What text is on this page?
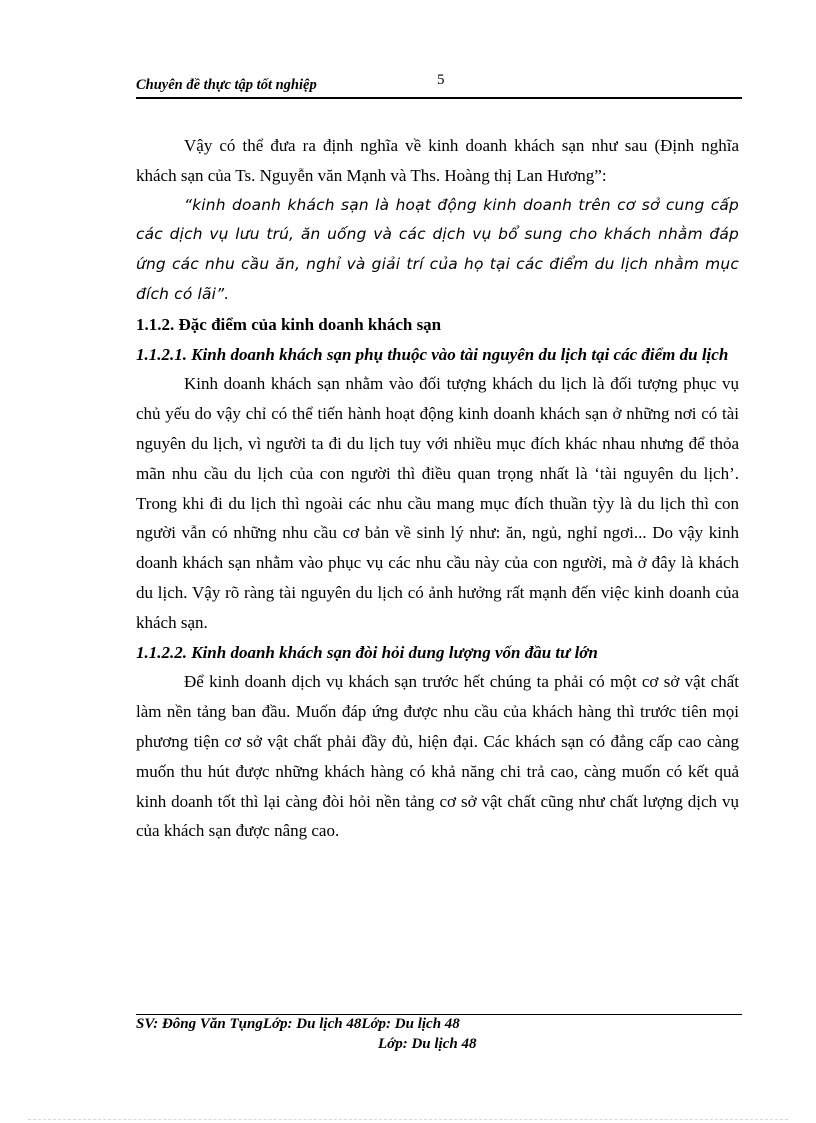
Chuyên đề thực tập tốt nghiệp	5

Vậy có thể đưa ra định nghĩa về kinh doanh khách sạn như sau (Định nghĩa khách sạn của Ts. Nguyễn văn Mạnh và Ths. Hoàng thị Lan Hương”:

“kinh doanh khách sạn là hoạt động kinh doanh trên cơ sở cung cấp các dịch vụ lưu trú, ăn uống và các dịch vụ bổ sung cho khách nhằm đáp ứng các nhu cầu ăn, nghỉ và giải trí của họ tại các điểm du lịch nhằm mục đích có lãi”.

1.1.2. Đặc điểm của kinh doanh khách sạn

1.1.2.1. Kinh doanh khách sạn phụ thuộc vào tài nguyên du lịch tại các điểm du lịch

Kinh doanh khách sạn nhằm vào đối tượng khách du lịch là đối tượng phục vụ chủ yếu do vậy chỉ có thể tiến hành hoạt động kinh doanh khách sạn ở những nơi có tài nguyên du lịch, vì người ta đi du lịch tuy với nhiều mục đích khác nhau nhưng để thỏa mãn nhu cầu du lịch của con người thì điều quan trọng nhất là ‘tài nguyên du lịch’. Trong khi đi du lịch thì ngoài các nhu cầu mang mục đích thuần tỳy là du lịch thì con người vẫn có những nhu cầu cơ bản về sinh lý như: ăn, ngủ, nghỉ ngơi... Do vậy kinh doanh khách sạn nhằm vào phục vụ các nhu cầu này của con người, mà ở đây là khách du lịch. Vậy rõ ràng tài nguyên du lịch có ảnh hưởng rất mạnh đến việc kinh doanh của khách sạn.

1.1.2.2. Kinh doanh khách sạn đòi hỏi dung lượng vốn đầu tư lớn

Để kinh doanh dịch vụ khách sạn trước hết chúng ta phải có một cơ sở vật chất làm nền tảng ban đầu. Muốn đáp ứng được nhu cầu của khách hàng thì trước tiên mọi phương tiện cơ sở vật chất phải đầy đủ, hiện đại. Các khách sạn có đẳng cấp cao càng muốn thu hút được những khách hàng có khả năng chi trả cao, càng muốn có kết quả kinh doanh tốt thì lại càng đòi hỏi nền tảng cơ sở vật chất cũng như chất lượng dịch vụ của khách sạn được nâng cao.

SV: Đông Văn TụngLớp: Du lịch 48Lớp: Du lịch 48
Lớp: Du lịch 48
